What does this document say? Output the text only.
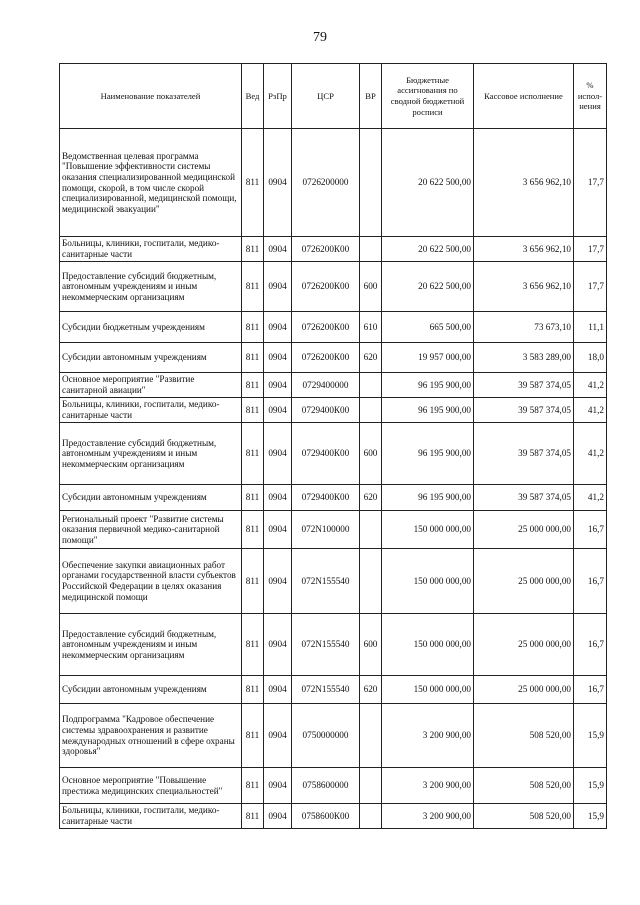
79
Наименование показателей	Вед	РзПр	ЦСР	ВР	Бюджетные ассигнования по сводной бюджетной росписи	Кассовое исполнение	% испол-нения
Ведомственная целевая программа "Повышение эффективности системы оказания специализированной медицинской помощи, скорой, в том числе скорой специализированной, медицинской помощи, медицинской эвакуации"	811	0904	0726200000		20 622 500,00	3 656 962,10	17,7
Больницы, клиники, госпитали, медико-санитарные части	811	0904	0726200К00		20 622 500,00	3 656 962,10	17,7
Предоставление субсидий бюджетным, автономным учреждениям и иным некоммерческим организациям	811	0904	0726200К00	600	20 622 500,00	3 656 962,10	17,7
Субсидии бюджетным учреждениям	811	0904	0726200К00	610	665 500,00	73 673,10	11,1
Субсидии автономным учреждениям	811	0904	0726200К00	620	19 957 000,00	3 583 289,00	18,0
Основное мероприятие "Развитие санитарной авиации"	811	0904	0729400000		96 195 900,00	39 587 374,05	41,2
Больницы, клиники, госпитали, медико-санитарные части	811	0904	0729400К00		96 195 900,00	39 587 374,05	41,2
Предоставление субсидий бюджетным, автономным учреждениям и иным некоммерческим организациям	811	0904	0729400К00	600	96 195 900,00	39 587 374,05	41,2
Субсидии автономным учреждениям	811	0904	0729400К00	620	96 195 900,00	39 587 374,05	41,2
Региональный проект "Развитие системы оказания первичной медико-санитарной помощи"	811	0904	072N100000		150 000 000,00	25 000 000,00	16,7
Обеспечение закупки авиационных работ органами государственной власти субъектов Российской Федерации в целях оказания медицинской помощи	811	0904	072N155540		150 000 000,00	25 000 000,00	16,7
Предоставление субсидий бюджетным, автономным учреждениям и иным некоммерческим организациям	811	0904	072N155540	600	150 000 000,00	25 000 000,00	16,7
Субсидии автономным учреждениям	811	0904	072N155540	620	150 000 000,00	25 000 000,00	16,7
Подпрограмма "Кадровое обеспечение системы здравоохранения и развитие международных отношений в сфере охраны здоровья"	811	0904	0750000000		3 200 900,00	508 520,00	15,9
Основное мероприятие "Повышение престижа медицинских специальностей"	811	0904	0758600000		3 200 900,00	508 520,00	15,9
Больницы, клиники, госпитали, медико-санитарные части	811	0904	0758600К00		3 200 900,00	508 520,00	15,9
